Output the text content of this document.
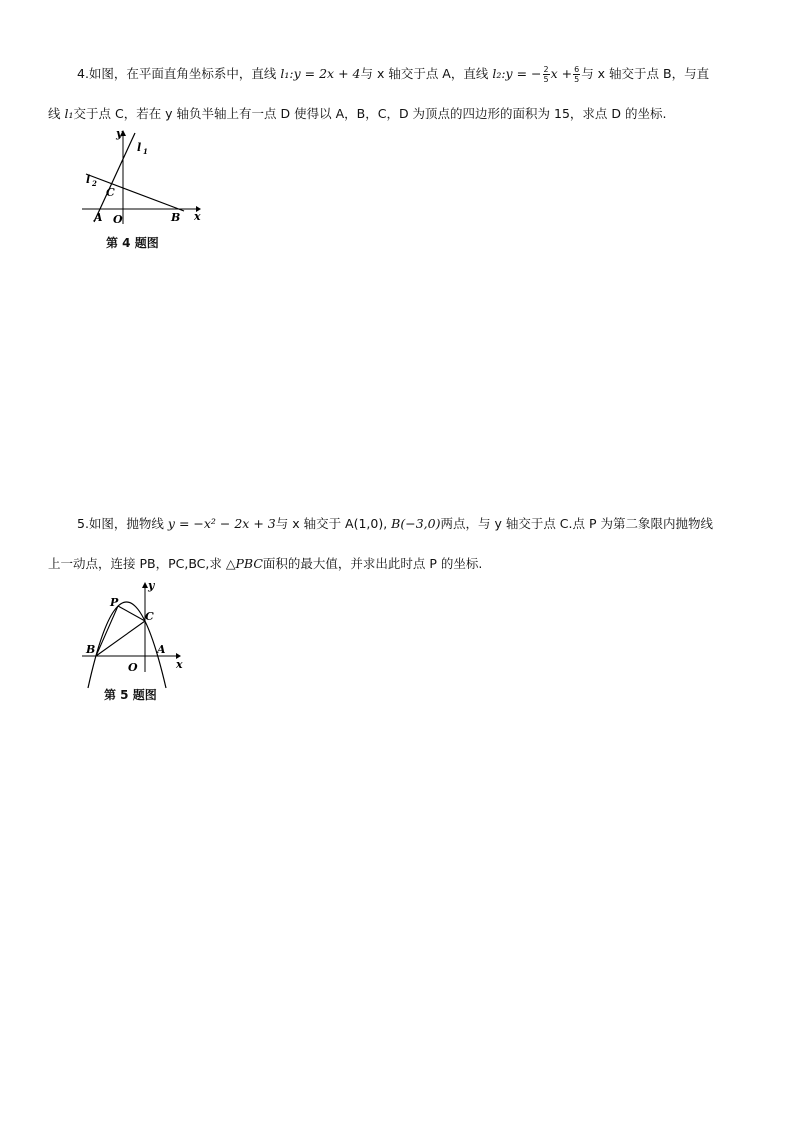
4.如图，在平面直角坐标系中，直线 l₁:y = 2x + 4与 x 轴交于点 A，直线 l₂:y = − $\frac{2}{5}$ $x + \frac{6}{5}$ 与 x 轴交于点 B，与直
线 l₁交于点 C，若在 y 轴负半轴上有一点 D 使得以 A，B，C，D 为顶点的四边形的面积为 15，求点 D 的坐标.
y
x
l 1
l 2
C
A O	B
第 4 题图
5.如图，抛物线 y = −x² − 2x + 3与 x 轴交于 A(1,0), B(−3,0)两点，与 y 轴交于点 C.点 P 为第二象限内抛物线
上一动点，连接 PB，PC,BC,求 △PBC面积的最大值，并求出此时点 P 的坐标.
y
x
P
C
B	A
O
第 5 题图
